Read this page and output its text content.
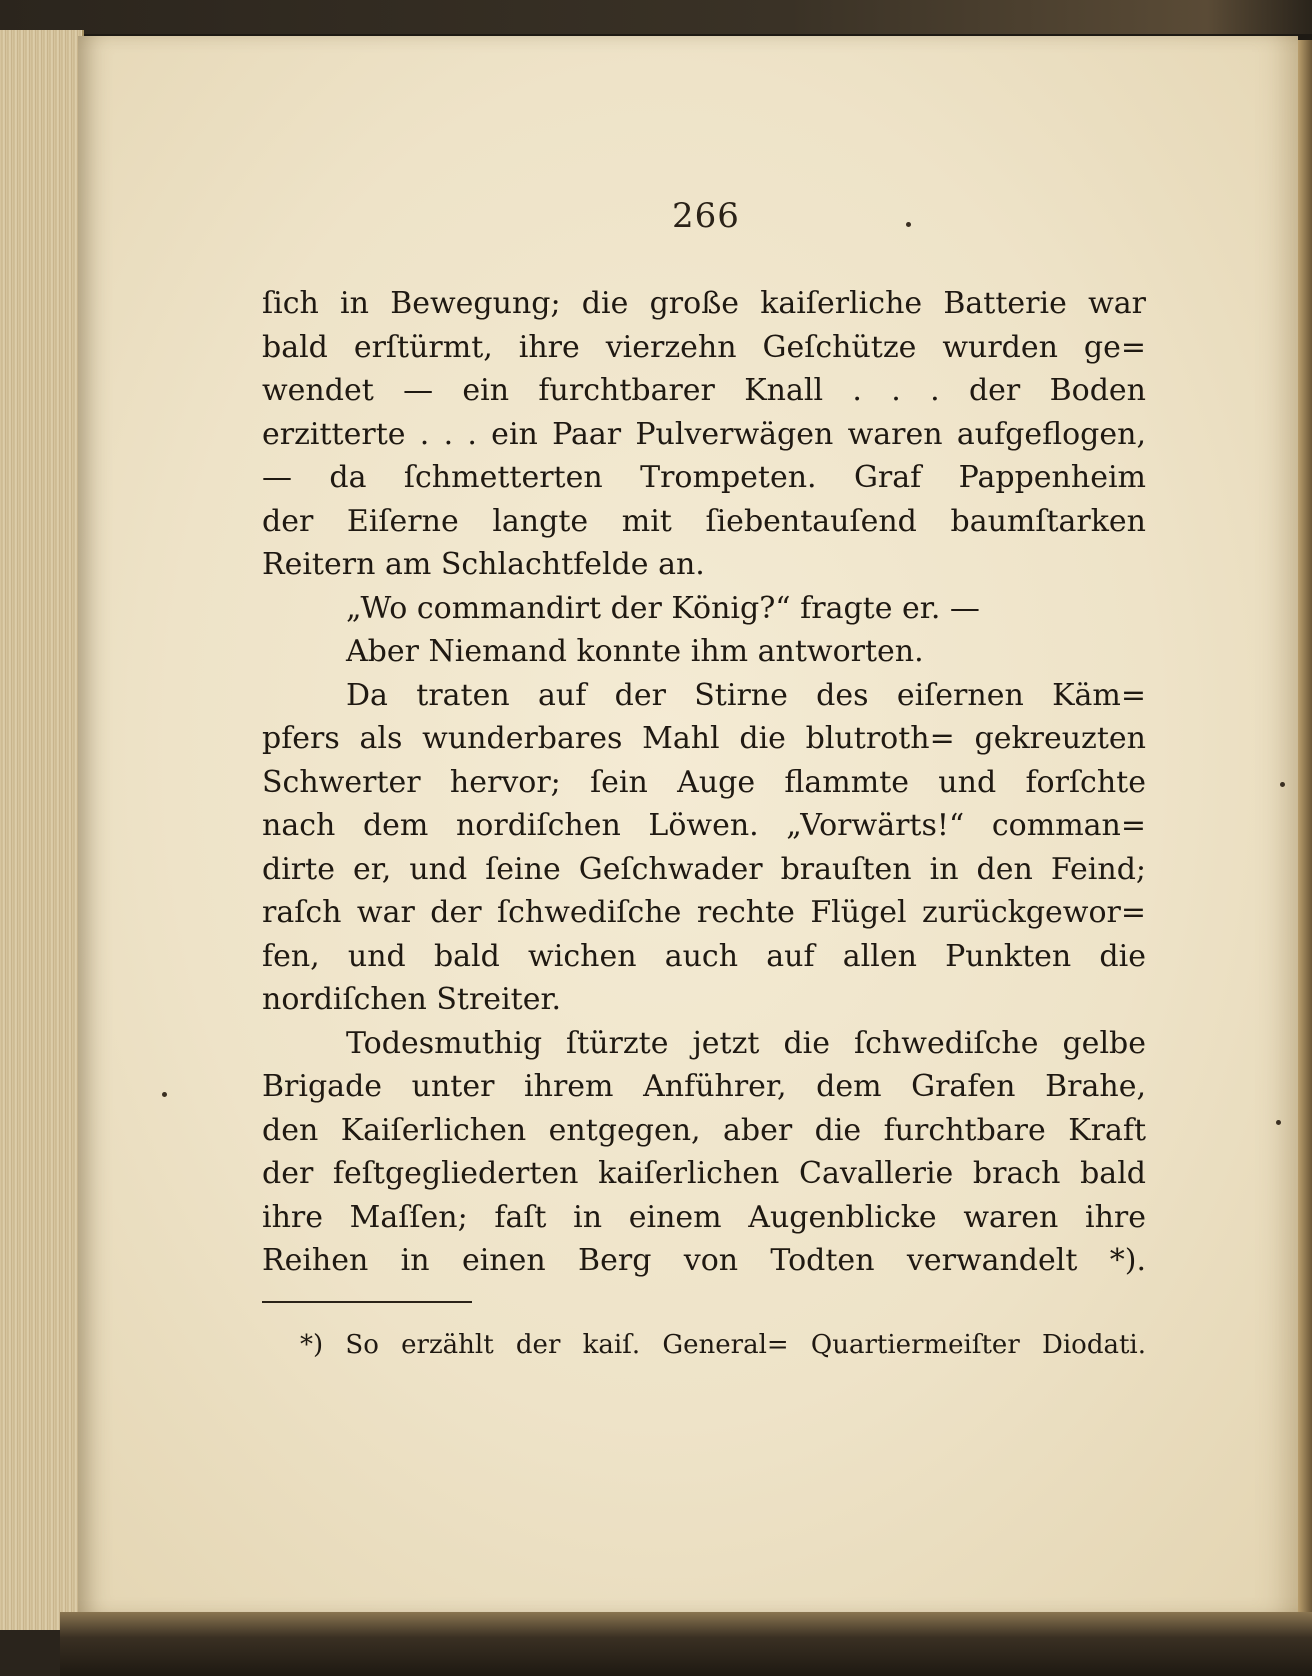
266
ſich in Bewegung; die große kaiſerliche Batterie war
bald erſtürmt, ihre vierzehn Geſchütze wurden ge=
wendet — ein furchtbarer Knall . . . der Boden
erzitterte . . . ein Paar Pulverwägen waren aufgeflogen,
— da ſchmetterten Trompeten. Graf Pappenheim
der Eiſerne langte mit ſiebentauſend baumſtarken
Reitern am Schlachtfelde an.
„Wo commandirt der König?“ fragte er. —
Aber Niemand konnte ihm antworten.
Da traten auf der Stirne des eiſernen Käm=
pfers als wunderbares Mahl die blutroth= gekreuzten
Schwerter hervor; ſein Auge flammte und forſchte
nach dem nordiſchen Löwen. „Vorwärts!“ comman=
dirte er, und ſeine Geſchwader brauſten in den Feind;
raſch war der ſchwediſche rechte Flügel zurückgewor=
fen, und bald wichen auch auf allen Punkten die
nordiſchen Streiter.
Todesmuthig ſtürzte jetzt die ſchwediſche gelbe
Brigade unter ihrem Anführer, dem Grafen Brahe,
den Kaiſerlichen entgegen, aber die furchtbare Kraft
der feſtgegliederten kaiſerlichen Cavallerie brach bald
ihre Maſſen; faſt in einem Augenblicke waren ihre
Reihen in einen Berg von Todten verwandelt *).
*) So erzählt der kaiſ. General= Quartiermeiſter Diodati.
